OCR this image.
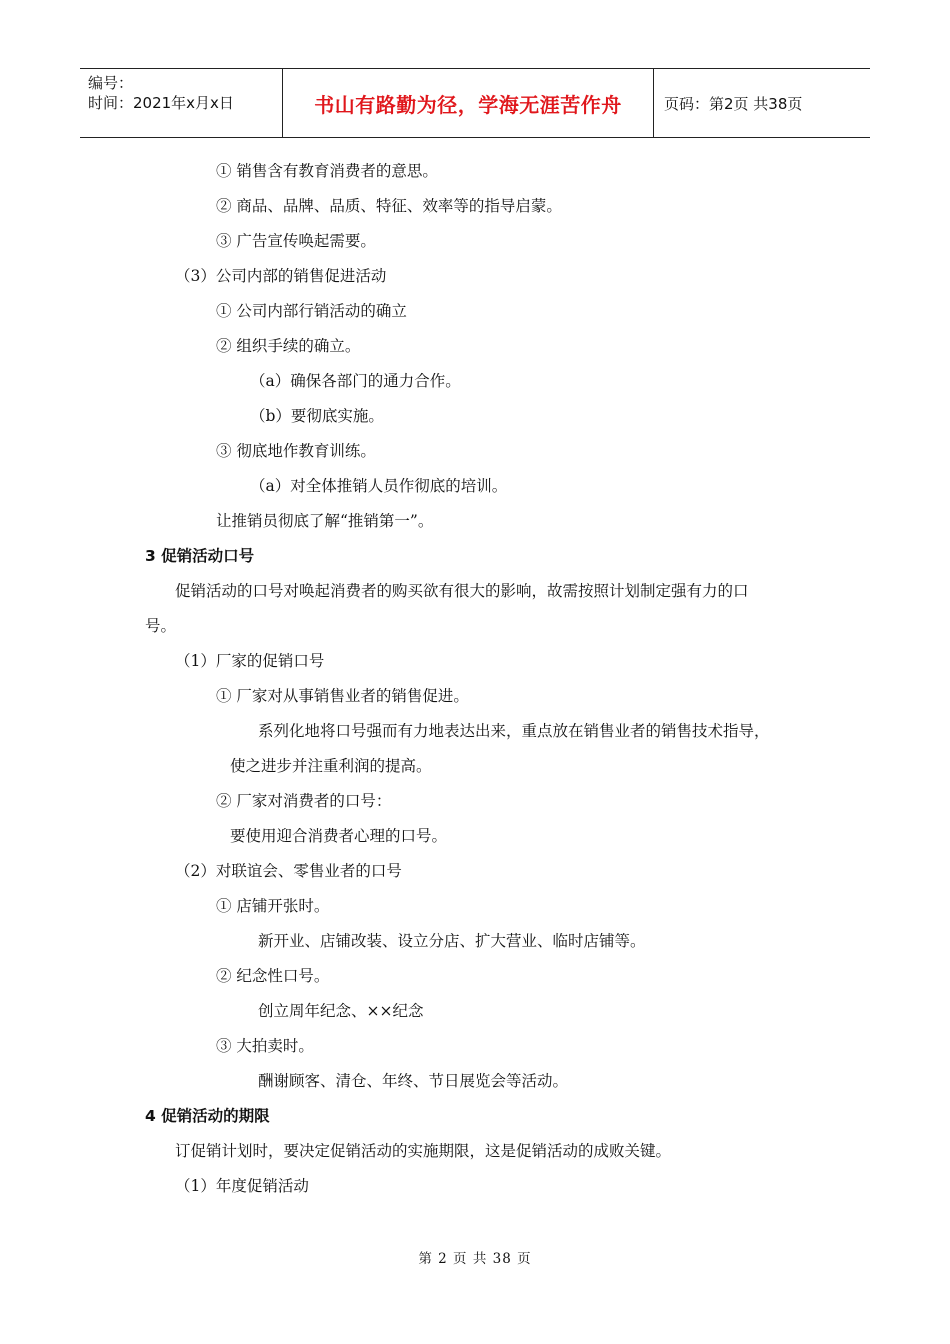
编号：
时间：2021年x月x日	书山有路勤为径，学海无涯苦作舟	页码：第2页 共38页
① 销售含有教育消费者的意思。
② 商品、品牌、品质、特征、效率等的指导启蒙。
③ 广告宣传唤起需要。
（3）公司内部的销售促进活动
① 公司内部行销活动的确立
② 组织手续的确立。
（a）确保各部门的通力合作。
（b）要彻底实施。
③ 彻底地作教育训练。
（a）对全体推销人员作彻底的培训。
让推销员彻底了解“推销第一”。
3 促销活动口号
促销活动的口号对唤起消费者的购买欲有很大的影响，故需按照计划制定强有力的口
号。
（1）厂家的促销口号
① 厂家对从事销售业者的销售促进。
系列化地将口号强而有力地表达出来，重点放在销售业者的销售技术指导，
使之进步并注重利润的提高。
② 厂家对消费者的口号：
要使用迎合消费者心理的口号。
（2）对联谊会、零售业者的口号
① 店铺开张时。
新开业、店铺改装、设立分店、扩大营业、临时店铺等。
② 纪念性口号。
创立周年纪念、××纪念
③ 大拍卖时。
酬谢顾客、清仓、年终、节日展览会等活动。
4 促销活动的期限
订促销计划时，要决定促销活动的实施期限，这是促销活动的成败关键。
（1）年度促销活动
第 2 页 共 38 页
